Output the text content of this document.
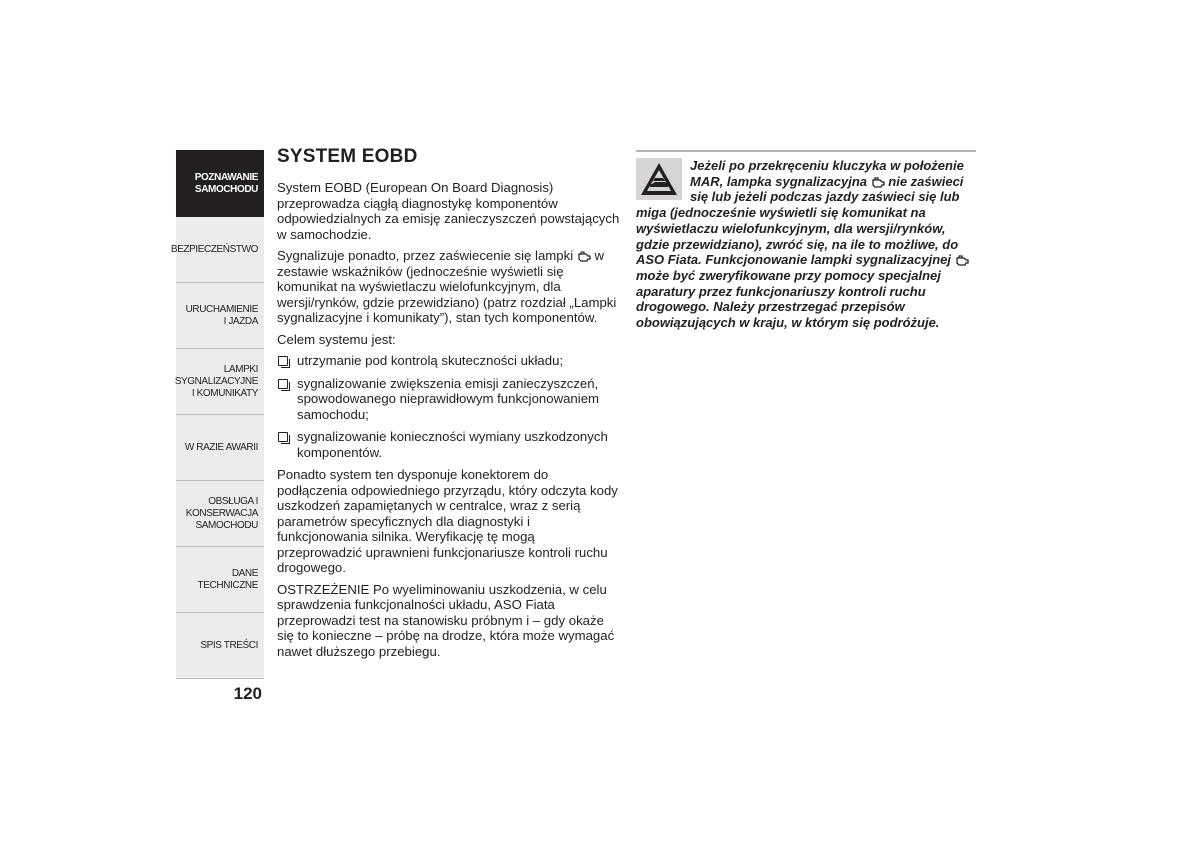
POZNAWANIE
SAMOCHODU
BEZPIECZEŃSTWO
URUCHAMIENIE
I JAZDA
LAMPKI
SYGNALIZACYJNE
I KOMUNIKATY
W RAZIE AWARII
OBSŁUGA I
KONSERWACJA
SAMOCHODU
DANE TECHNICZNE
SPIS TREŚCI
120
SYSTEM EOBD

System EOBD (European On Board Diagnosis) przeprowadza ciągłą diagnostykę komponentów odpowiedzialnych za emisję zanieczyszczeń powstających w samochodzie.

Sygnalizuje ponadto, przez zaświecenie się lampki w zestawie wskaźników (jednocześnie wyświetli się komunikat na wyświetlaczu wielofunkcyjnym, dla wersji/rynków, gdzie przewidziano) (patrz rozdział „Lampki sygnalizacyjne i komunikaty”), stan tych komponentów.

Celem systemu jest:

utrzymanie pod kontrolą skuteczności układu;
sygnalizowanie zwiększenia emisji zanieczyszczeń, spowodowanego nieprawidłowym funkcjonowaniem samochodu;
sygnalizowanie konieczności wymiany uszkodzonych komponentów.

Ponadto system ten dysponuje konektorem do podłączenia odpowiedniego przyrządu, który odczyta kody uszkodzeń zapamiętanych w centralce, wraz z serią parametrów specyficznych dla diagnostyki i funkcjonowania silnika. Weryfikację tę mogą przeprowadzić uprawnieni funkcjonariusze kontroli ruchu drogowego.

OSTRZEŻENIE Po wyeliminowaniu uszkodzenia, w celu sprawdzenia funkcjonalności układu, ASO Fiata przeprowadzi test na stanowisku próbnym i – gdy okaże się to konieczne – próbę na drodze, która może wymagać nawet dłuższego przebiegu.

Jeżeli po przekręceniu kluczyka w położenie MAR, lampka sygnalizacyjna nie zaświeci się lub jeżeli podczas jazdy zaświeci się lub miga (jednocześnie wyświetli się komunikat na wyświetlaczu wielofunkcyjnym, dla wersji/rynków, gdzie przewidziano), zwróć się, na ile to możliwe, do ASO Fiata. Funkcjonowanie lampki sygnalizacyjnej  może być zweryfikowane przy pomocy specjalnej aparatury przez funkcjonariuszy kontroli ruchu drogowego. Należy przestrzegać przepisów obowiązujących w kraju, w którym się podróżuje.
